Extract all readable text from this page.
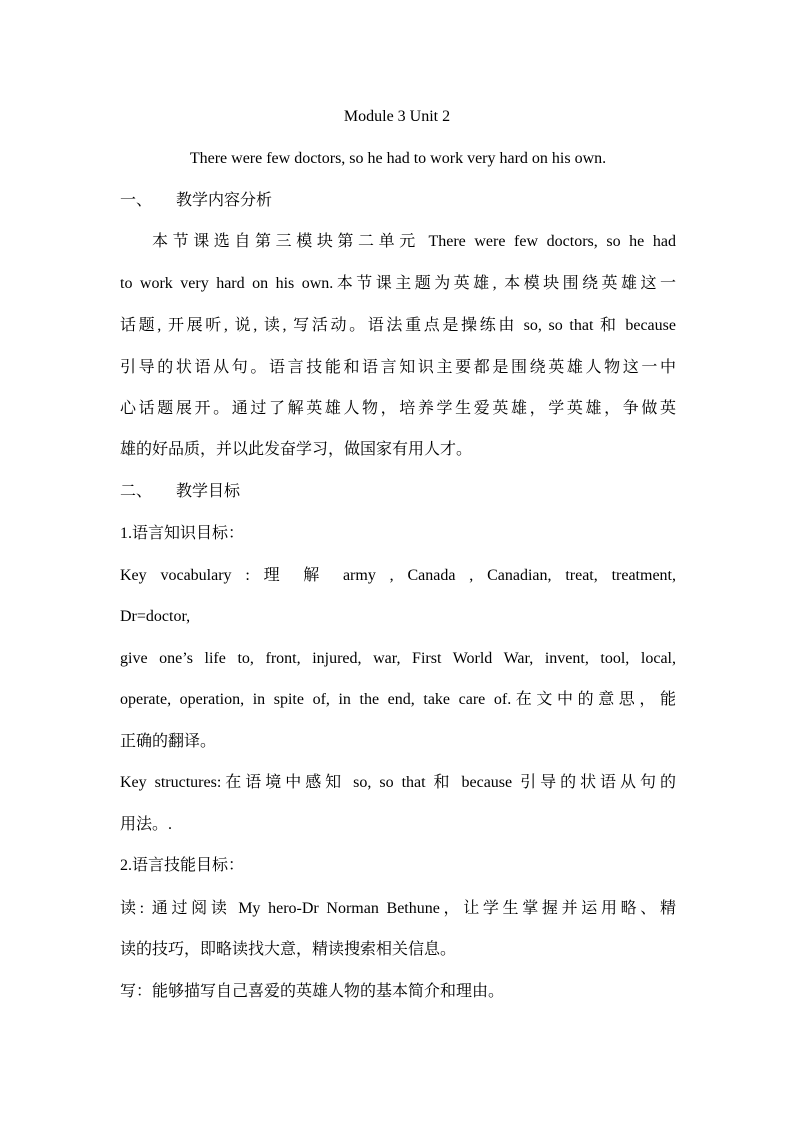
Module 3 Unit 2
There were few doctors, so he had to work very hard on his own.
一、 教学内容分析
本节课选自第三模块第二单元 There were few doctors, so he had
to work very hard on his own.本节课主题为英雄, 本模块围绕英雄这一
话题, 开展听, 说, 读, 写活动。语法重点是操练由 so, so that 和 because
引导的状语从句。语言技能和语言知识主要都是围绕英雄人物这一中
心话题展开。通过了解英雄人物，培养学生爱英雄，学英雄，争做英
雄的好品质，并以此发奋学习，做国家有用人才。
二、 教学目标
1.语言知识目标：
Key vocabulary : 理 解 army , Canada , Canadian, treat, treatment,
Dr=doctor,
give one’s life to, front, injured, war, First World War, invent, tool, local,
operate, operation, in spite of, in the end, take care of.在文中的意思，能
正确的翻译。
Key structures:在语境中感知 so, so that 和 because 引导的状语从句的
用法。.
2.语言技能目标：
读: 通过阅读 My hero-Dr Norman Bethune，让学生掌握并运用略、精
读的技巧，即略读找大意，精读搜索相关信息。
写：能够描写自己喜爱的英雄人物的基本简介和理由。
